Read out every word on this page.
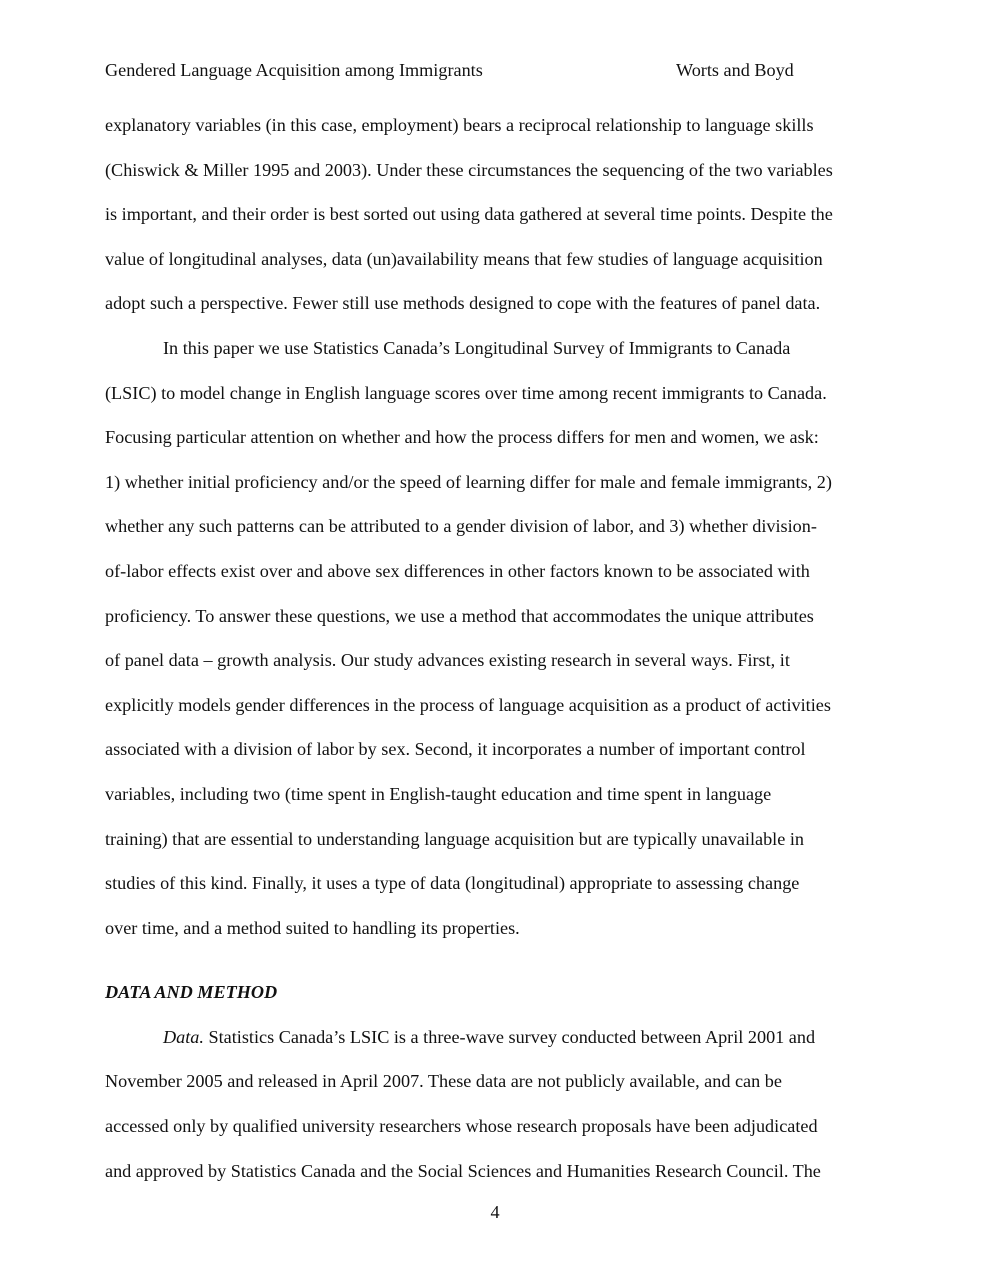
Gendered Language Acquisition among Immigrants	Worts and Boyd
explanatory variables (in this case, employment) bears a reciprocal relationship to language skills
(Chiswick & Miller 1995 and 2003). Under these circumstances the sequencing of the two variables
is important, and their order is best sorted out using data gathered at several time points. Despite the
value of longitudinal analyses, data (un)availability means that few studies of language acquisition
adopt such a perspective. Fewer still use methods designed to cope with the features of panel data.
In this paper we use Statistics Canada’s Longitudinal Survey of Immigrants to Canada
(LSIC) to model change in English language scores over time among recent immigrants to Canada.
Focusing particular attention on whether and how the process differs for men and women, we ask:
1) whether initial proficiency and/or the speed of learning differ for male and female immigrants, 2)
whether any such patterns can be attributed to a gender division of labor, and 3) whether division-
of-labor effects exist over and above sex differences in other factors known to be associated with
proficiency. To answer these questions, we use a method that accommodates the unique attributes
of panel data – growth analysis. Our study advances existing research in several ways. First, it
explicitly models gender differences in the process of language acquisition as a product of activities
associated with a division of labor by sex. Second, it incorporates a number of important control
variables, including two (time spent in English-taught education and time spent in language
training) that are essential to understanding language acquisition but are typically unavailable in
studies of this kind. Finally, it uses a type of data (longitudinal) appropriate to assessing change
over time, and a method suited to handling its properties.
DATA AND METHOD
Data. Statistics Canada’s LSIC is a three-wave survey conducted between April 2001 and
November 2005 and released in April 2007. These data are not publicly available, and can be
accessed only by qualified university researchers whose research proposals have been adjudicated
and approved by Statistics Canada and the Social Sciences and Humanities Research Council. The
4
